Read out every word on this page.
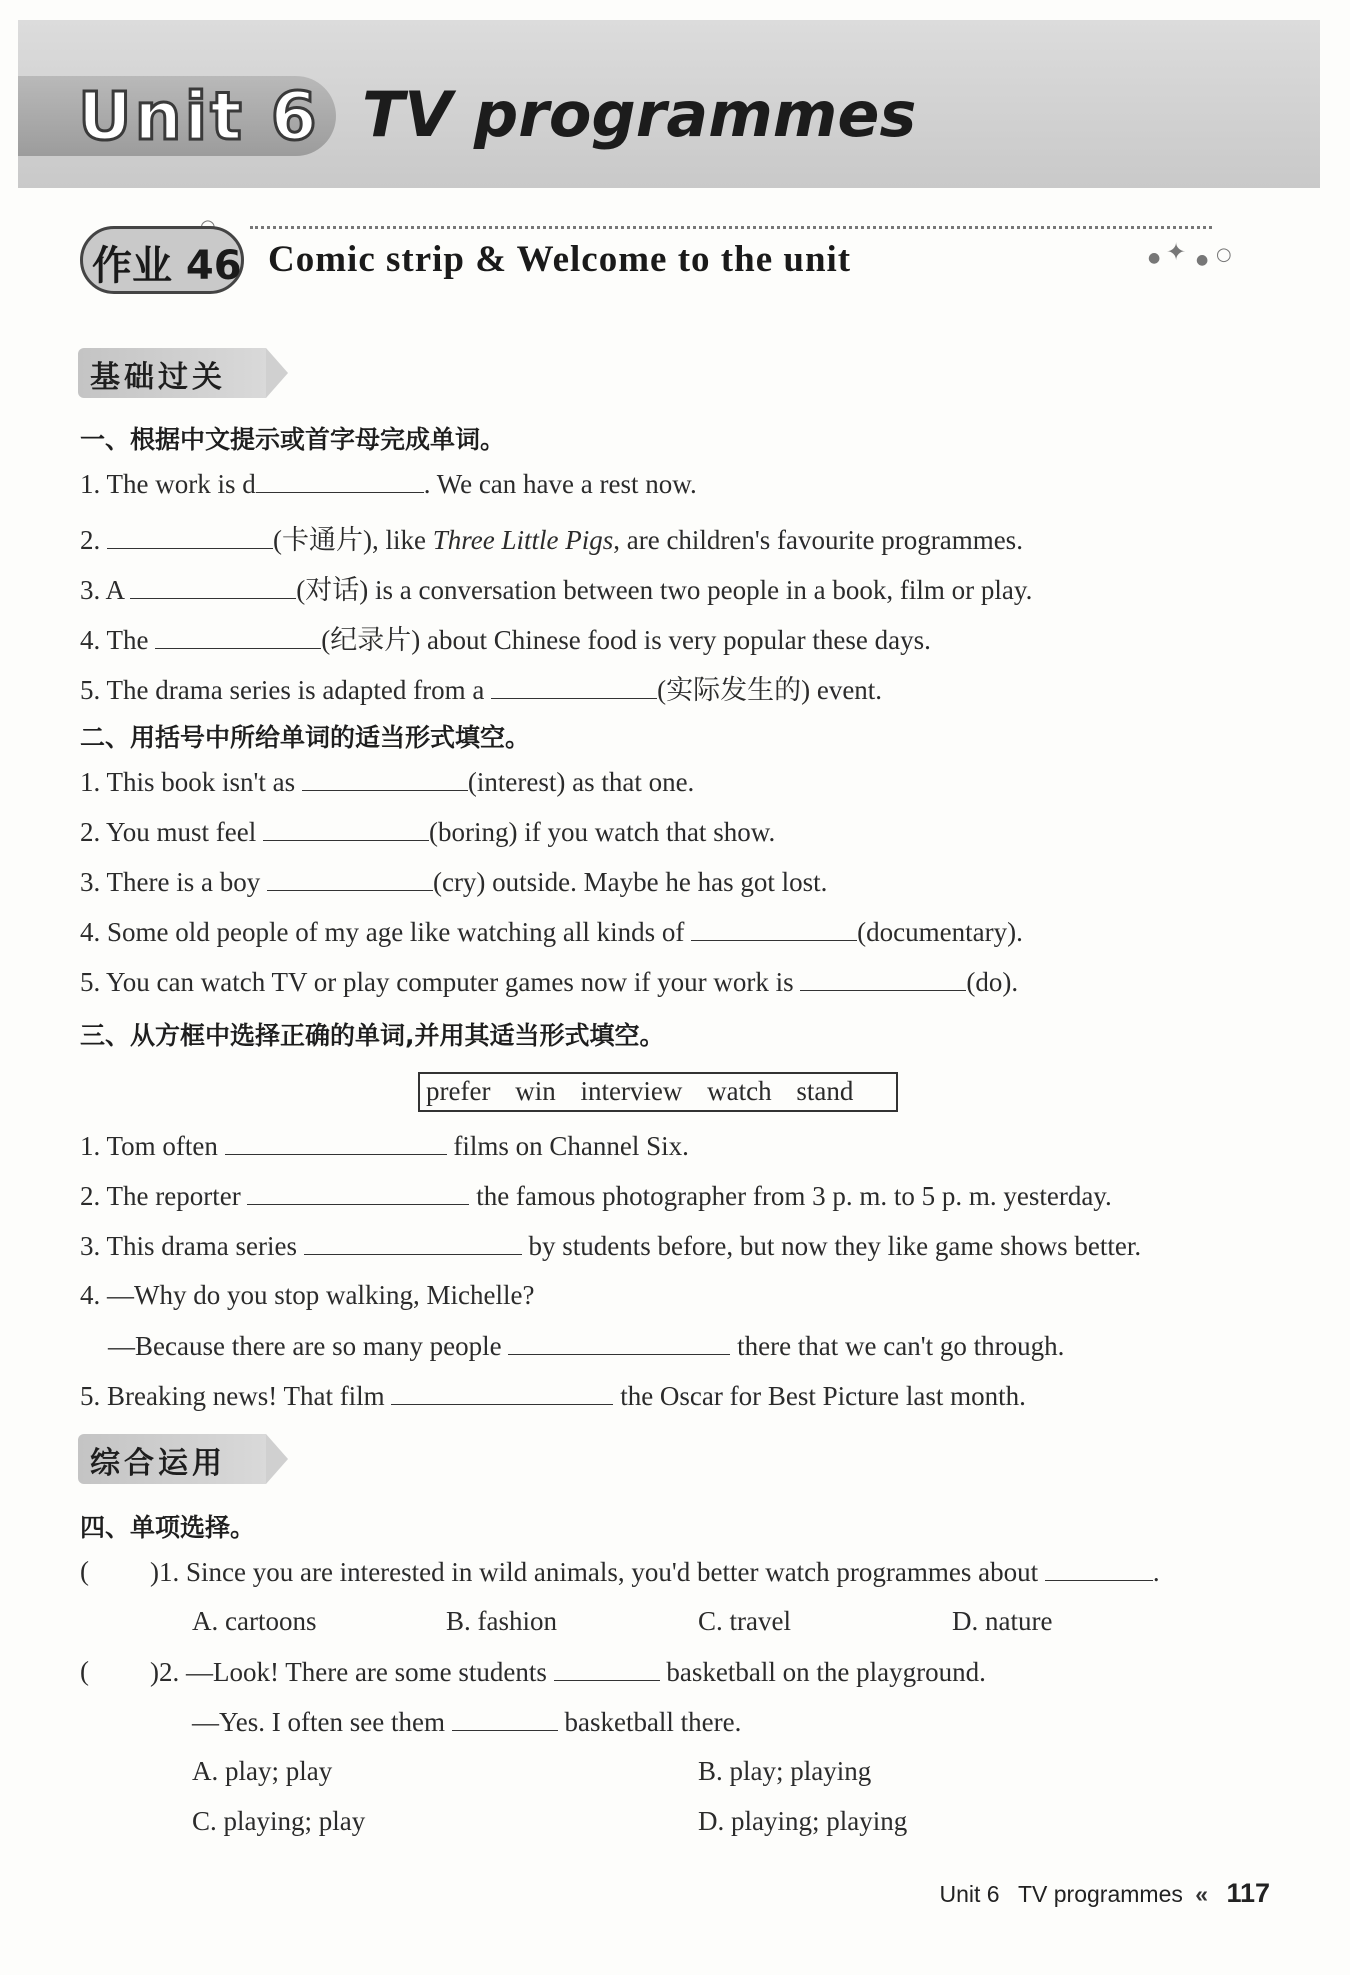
Unit 6 TV programmes
● ✦ ● ○
作业 46 Comic strip & Welcome to the unit
基础过关
一、根据中文提示或首字母完成单词。
1. The work is d	. We can have a rest now.
2.	(卡通片), like Three Little Pigs, are children's favourite programmes.
3. A	(对话) is a conversation between two people in a book, film or play.
4. The	(纪录片) about Chinese food is very popular these days.
5. The drama series is adapted from a	(实际发生的) event.
二、用括号中所给单词的适当形式填空。
1. This book isn't as	(interest) as that one.
2. You must feel	(boring) if you watch that show.
3. There is a boy	(cry) outside. Maybe he has got lost.
4. Some old people of my age like watching all kinds of	(documentary).
5. You can watch TV or play computer games now if your work is	(do).
三、从方框中选择正确的单词,并用其适当形式填空。
prefer win interview watch stand
1. Tom often	films on Channel Six.
2. The reporter	the famous photographer from 3 p. m. to 5 p. m. yesterday.
3. This drama series	by students before, but now they like game shows better.
4. —Why do you stop walking, Michelle?
—Because there are so many people	there that we can't go through.
5. Breaking news! That film	the Oscar for Best Picture last month.
综合运用
四、单项选择。
( )1. Since you are interested in wild animals, you'd better watch programmes about	.
A. cartoons	B. fashion	C. travel	D. nature
( )2. —Look! There are some students	basketball on the playground.
—Yes. I often see them	basketball there.
A. play; play	B. play; playing
C. playing; play	D. playing; playing
Unit 6 TV programmes « 117
